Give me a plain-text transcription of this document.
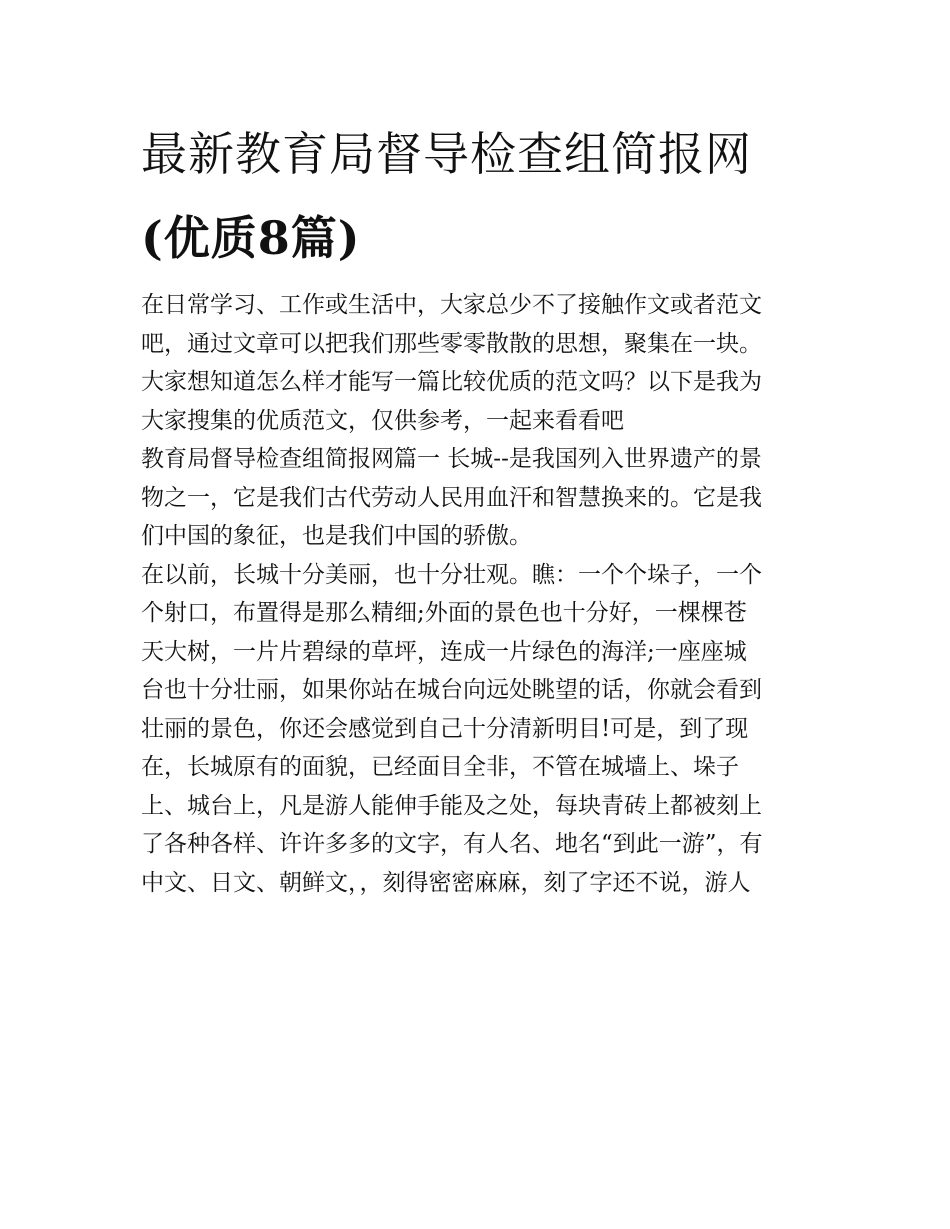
最新教育局督导检查组简报网
(优质8篇)
在日常学习、工作或生活中，大家总少不了接触作文或者范文
吧，通过文章可以把我们那些零零散散的思想，聚集在一块。
大家想知道怎么样才能写一篇比较优质的范文吗？以下是我为
大家搜集的优质范文，仅供参考，一起来看看吧
教育局督导检查组简报网篇一 长城--是我国列入世界遗产的景
物之一，它是我们古代劳动人民用血汗和智慧换来的。它是我
们中国的象征，也是我们中国的骄傲。
在以前，长城十分美丽，也十分壮观。瞧：一个个垛子，一个
个射口，布置得是那么精细;外面的景色也十分好，一棵棵苍
天大树，一片片碧绿的草坪，连成一片绿色的海洋;一座座城
台也十分壮丽，如果你站在城台向远处眺望的话，你就会看到
壮丽的景色，你还会感觉到自己十分清新明目!可是，到了现
在，长城原有的面貌，已经面目全非，不管在城墙上、垛子
上、城台上，凡是游人能伸手能及之处，每块青砖上都被刻上
了各种各样、许许多多的文字，有人名、地名“到此一游”，有
中文、日文、朝鲜文，，刻得密密麻麻，刻了字还不说，游人
